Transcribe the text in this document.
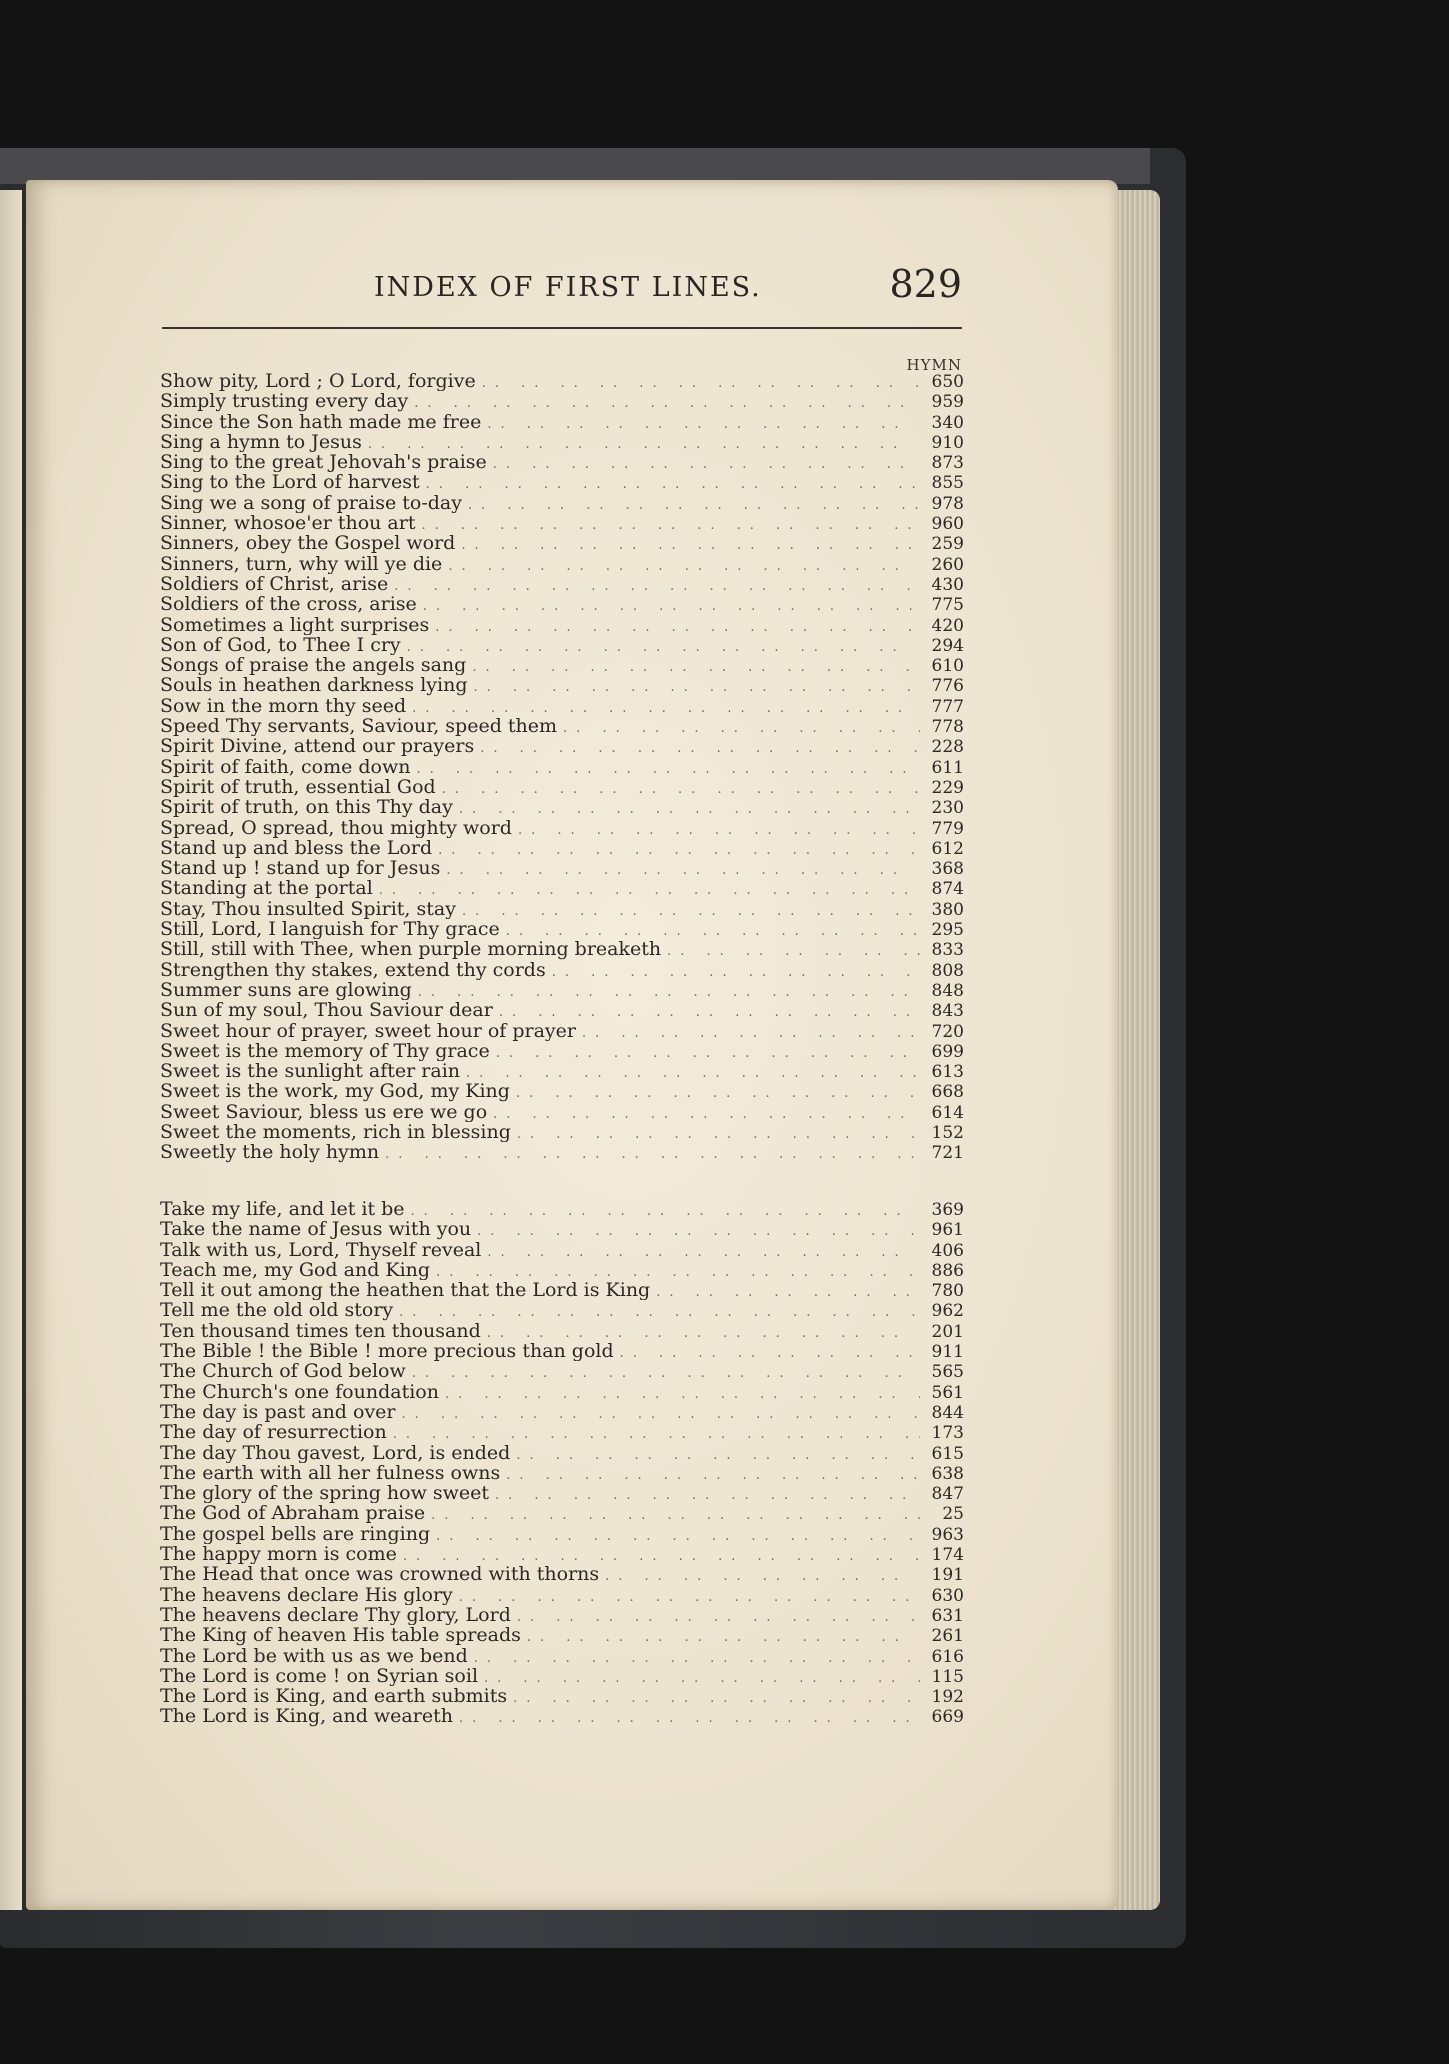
INDEX OF FIRST LINES.	829
HYMN
Show pity, Lord ; O Lord, forgive .. ..	650
Simply trusting every day .. ..	959
Since the Son hath made me free .. ..	340
Sing a hymn to Jesus .. ..	910
Sing to the great Jehovah's praise .. ..	873
Sing to the Lord of harvest .. ..	855
Sing we a song of praise to-day .. ..	978
Sinner, whosoe'er thou art .. ..	960
Sinners, obey the Gospel word .. ..	259
Sinners, turn, why will ye die .. ..	260
Soldiers of Christ, arise .. ..	430
Soldiers of the cross, arise .. ..	775
Sometimes a light surprises .. ..	420
Son of God, to Thee I cry .. ..	294
Songs of praise the angels sang .. ..	610
Souls in heathen darkness lying .. ..	776
Sow in the morn thy seed .. ..	777
Speed Thy servants, Saviour, speed them .. ..	778
Spirit Divine, attend our prayers .. ..	228
Spirit of faith, come down .. ..	611
Spirit of truth, essential God .. ..	229
Spirit of truth, on this Thy day .. ..	230
Spread, O spread, thou mighty word .. ..	779
Stand up and bless the Lord .. ..	612
Stand up ! stand up for Jesus .. ..	368
Standing at the portal .. ..	874
Stay, Thou insulted Spirit, stay .. ..	380
Still, Lord, I languish for Thy grace .. ..	295
Still, still with Thee, when purple morning breaketh .. ..	833
Strengthen thy stakes, extend thy cords .. ..	808
Summer suns are glowing .. ..	848
Sun of my soul, Thou Saviour dear .. ..	843
Sweet hour of prayer, sweet hour of prayer .. ..	720
Sweet is the memory of Thy grace .. ..	699
Sweet is the sunlight after rain .. ..	613
Sweet is the work, my God, my King .. ..	668
Sweet Saviour, bless us ere we go .. ..	614
Sweet the moments, rich in blessing .. ..	152
Sweetly the holy hymn .. ..	721
Take my life, and let it be .. ..	369
Take the name of Jesus with you .. ..	961
Talk with us, Lord, Thyself reveal .. ..	406
Teach me, my God and King .. ..	886
Tell it out among the heathen that the Lord is King .. ..	780
Tell me the old old story .. ..	962
Ten thousand times ten thousand .. ..	201
The Bible ! the Bible ! more precious than gold .. ..	911
The Church of God below .. ..	565
The Church's one foundation .. ..	561
The day is past and over .. ..	844
The day of resurrection .. ..	173
The day Thou gavest, Lord, is ended .. ..	615
The earth with all her fulness owns .. ..	638
The glory of the spring how sweet .. ..	847
The God of Abraham praise .. ..	25
The gospel bells are ringing .. ..	963
The happy morn is come .. ..	174
The Head that once was crowned with thorns .. ..	191
The heavens declare His glory .. ..	630
The heavens declare Thy glory, Lord .. ..	631
The King of heaven His table spreads .. ..	261
The Lord be with us as we bend .. ..	616
The Lord is come ! on Syrian soil .. ..	115
The Lord is King, and earth submits .. ..	192
The Lord is King, and weareth .. ..	669
